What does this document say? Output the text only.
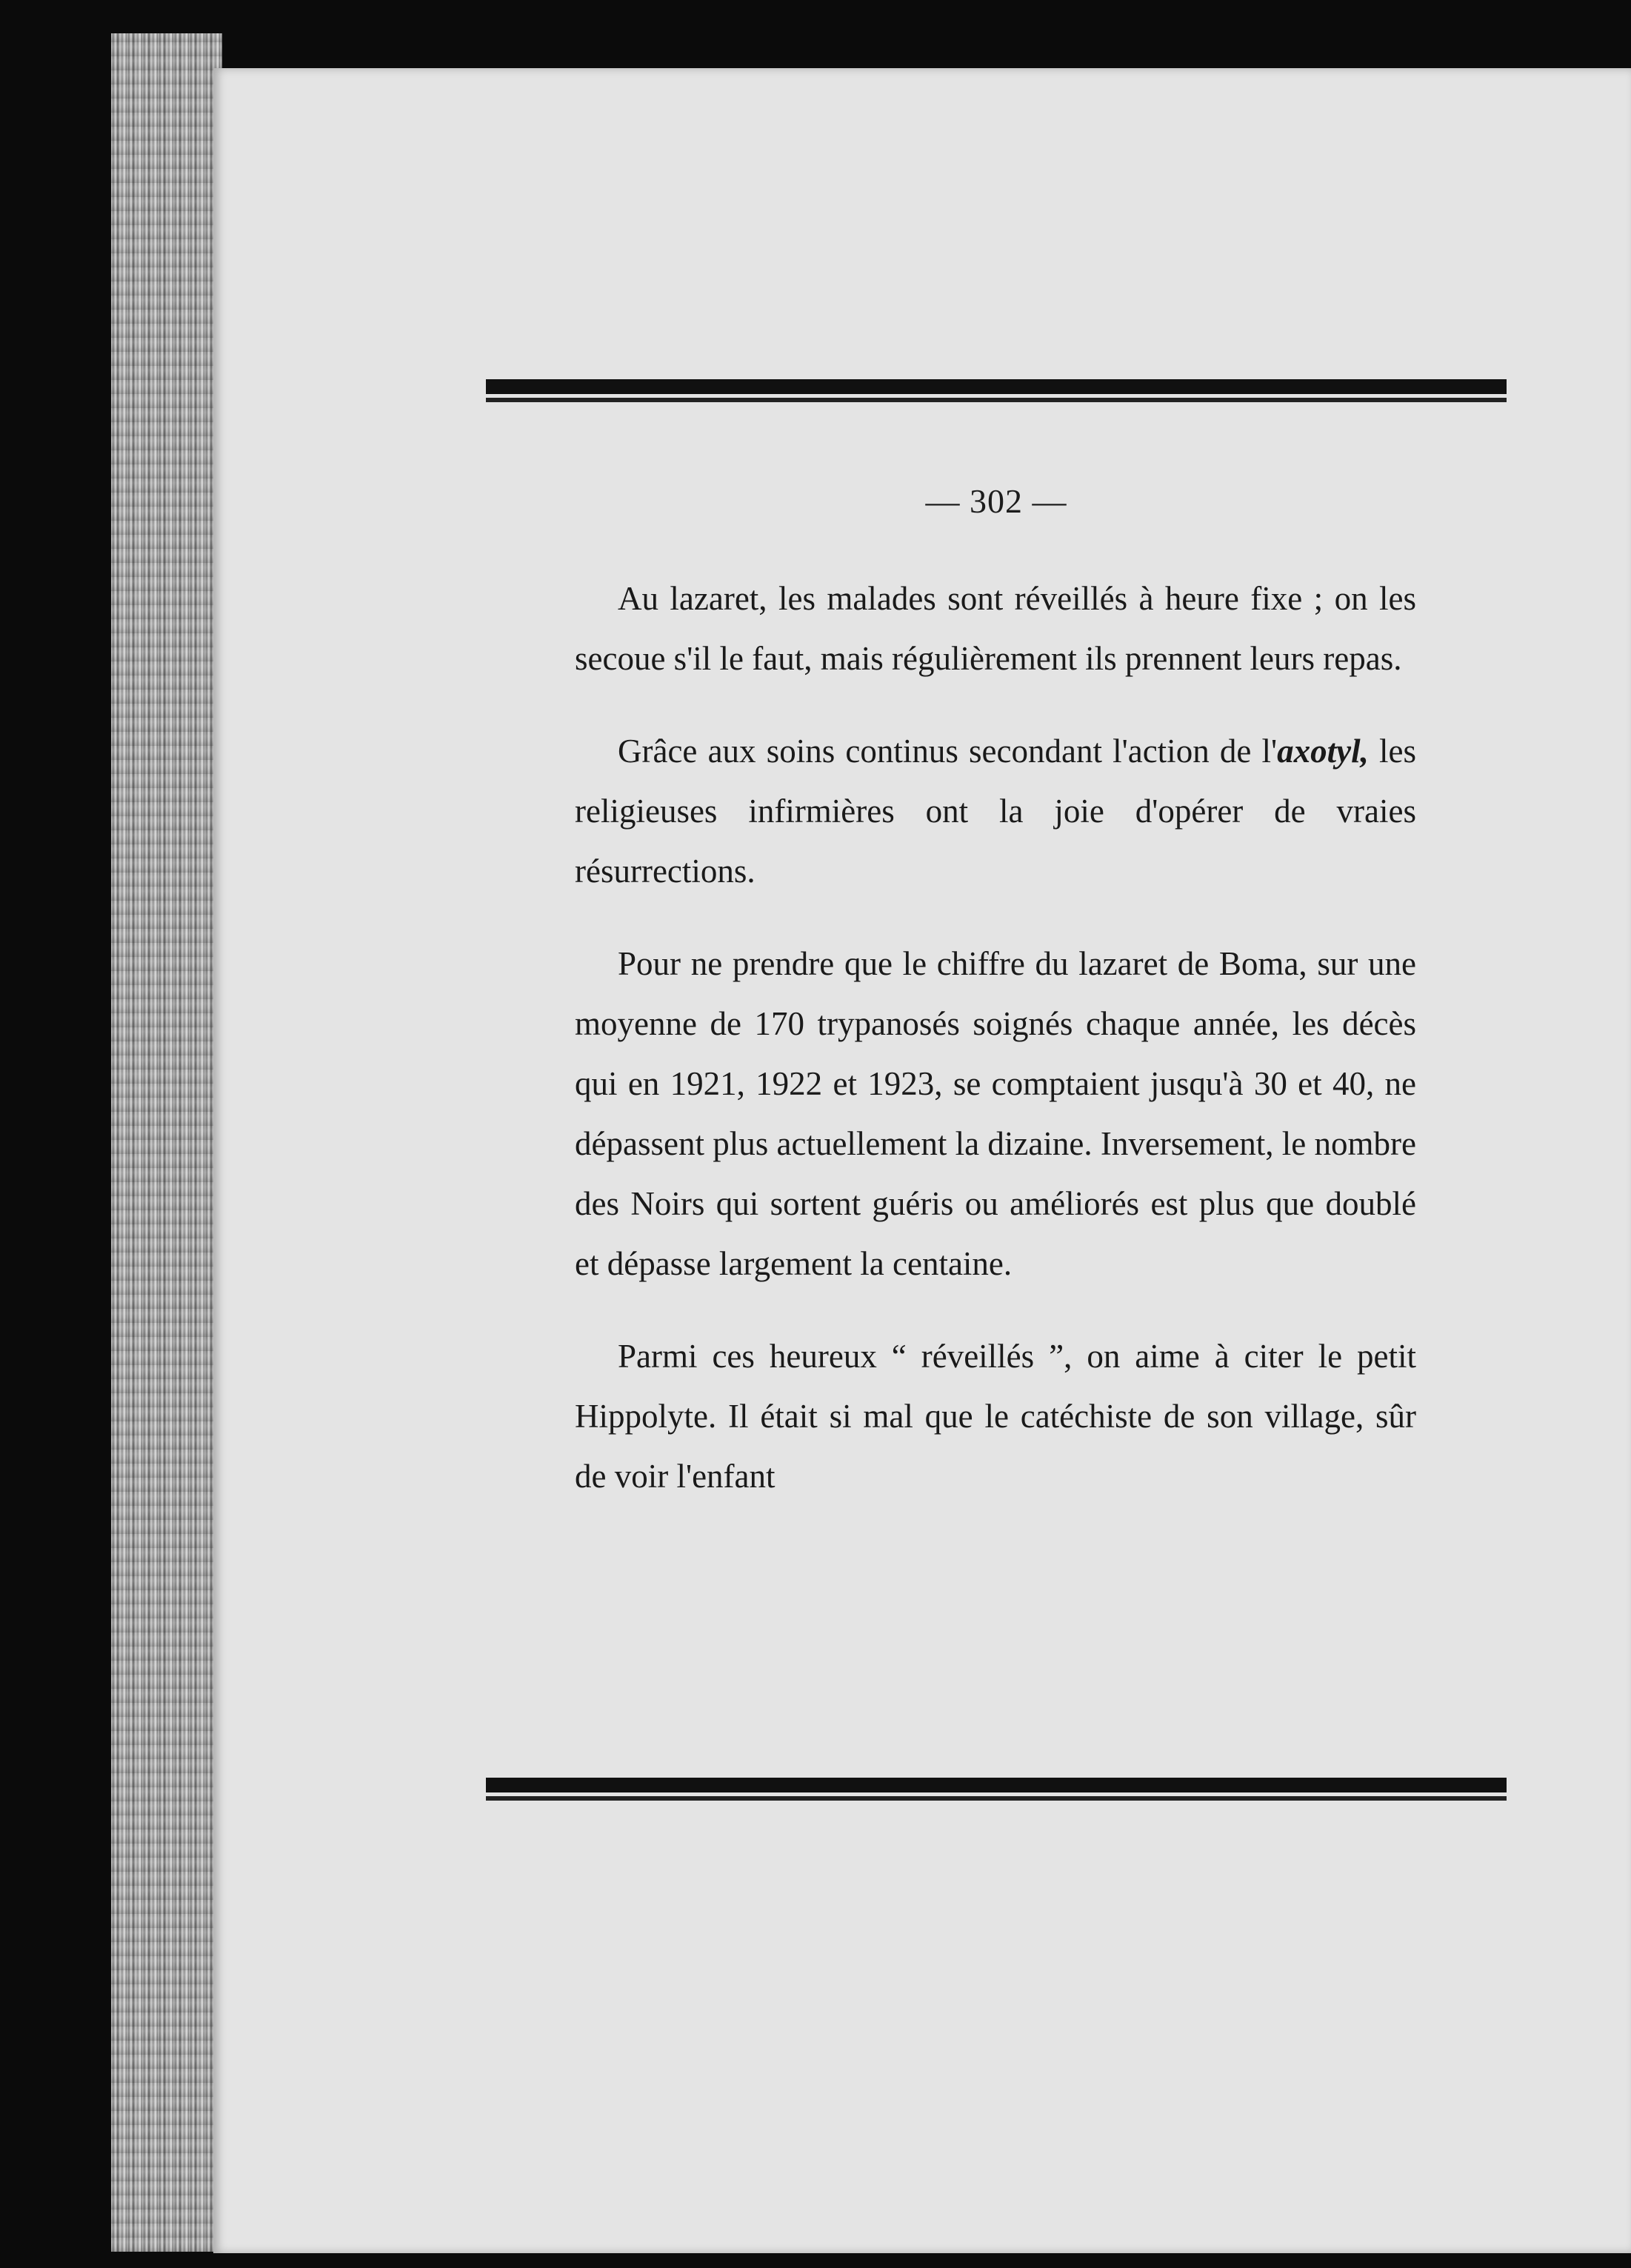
— 302 —

Au lazaret, les malades sont réveillés à heure fixe ; on les secoue s'il le faut, mais régulièrement ils prennent leurs repas.

Grâce aux soins continus secondant l'action de l'axotyl, les religieuses infirmières ont la joie d'opérer de vraies résurrections.

Pour ne prendre que le chiffre du lazaret de Boma, sur une moyenne de 170 trypanosés soignés chaque année, les décès qui en 1921, 1922 et 1923, se comptaient jusqu'à 30 et 40, ne dépassent plus actuellement la dizaine. Inversement, le nombre des Noirs qui sortent guéris ou améliorés est plus que doublé et dépasse largement la centaine.

Parmi ces heureux “ réveillés ”, on aime à citer le petit Hippolyte. Il était si mal que le catéchiste de son village, sûr de voir l'enfant
